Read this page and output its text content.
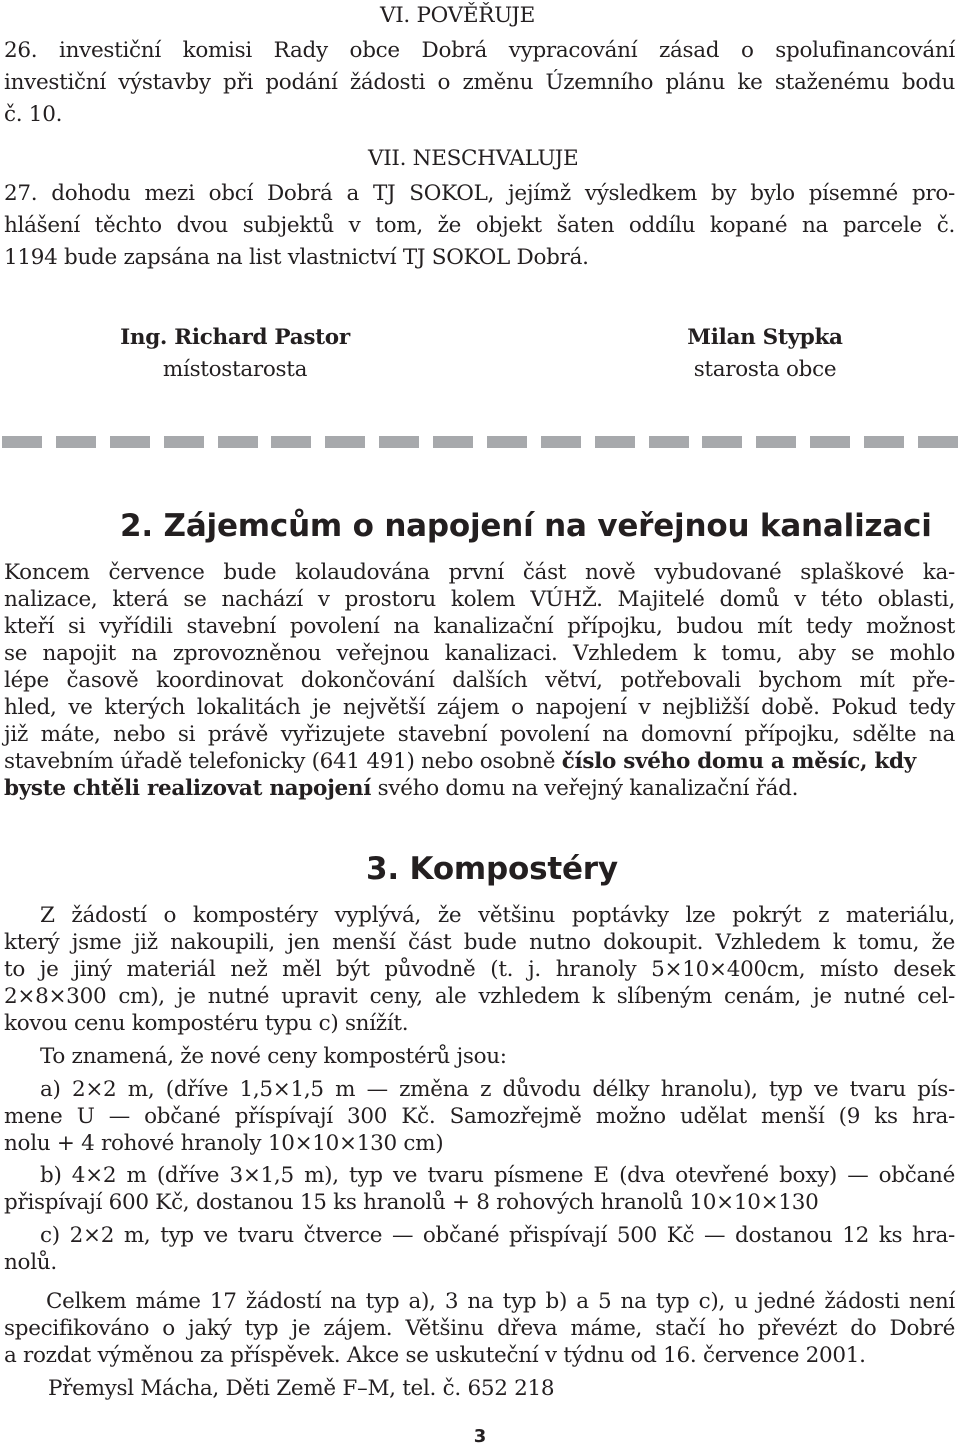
VI. POVĚŘUJE
26. investiční komisi Rady obce Dobrá vypracování zásad o spolufinancování
investiční výstavby při podání žádosti o změnu Územního plánu ke staženému bodu
č. 10.
VII. NESCHVALUJE
27. dohodu mezi obcí Dobrá a TJ SOKOL, jejímž výsledkem by bylo písemné pro-
hlášení těchto dvou subjektů v tom, že objekt šaten oddílu kopané na parcele č.
1194 bude zapsána na list vlastnictví TJ SOKOL Dobrá.
Ing. Richard Pastor
místostarosta
Milan Stypka
starosta obce
2. Zájemcům o napojení na veřejnou kanalizaci
Koncem července bude kolaudována první část nově vybudované splaškové ka-
nalizace, která se nachází v prostoru kolem VÚHŽ. Majitelé domů v této oblasti,
kteří si vyřídili stavební povolení na kanalizační přípojku, budou mít tedy možnost
se napojit na zprovozněnou veřejnou kanalizaci. Vzhledem k tomu, aby se mohlo
lépe časově koordinovat dokončování dalších větví, potřebovali bychom mít pře-
hled, ve kterých lokalitách je největší zájem o napojení v nejbližší době. Pokud tedy
již máte, nebo si právě vyřizujete stavební povolení na domovní přípojku, sdělte na
stavebním úřadě telefonicky (641 491) nebo osobně číslo svého domu a měsíc, kdy
byste chtěli realizovat napojení svého domu na veřejný kanalizační řád.
3. Kompostéry
Z žádostí o kompostéry vyplývá, že většinu poptávky lze pokrýt z materiálu,
který jsme již nakoupili, jen menší část bude nutno dokoupit. Vzhledem k tomu, že
to je jiný materiál než měl být původně (t. j. hranoly 5×10×400cm, místo desek
2×8×300 cm), je nutné upravit ceny, ale vzhledem k slíbeným cenám, je nutné cel-
kovou cenu kompostéru typu c) snížít.
To znamená, že nové ceny kompostérů jsou:
a) 2×2 m, (dříve 1,5×1,5 m — změna z důvodu délky hranolu), typ ve tvaru pís-
mene U — občané příspívají 300 Kč. Samozřejmě možno udělat menší (9 ks hra-
nolu + 4 rohové hranoly 10×10×130 cm)
b) 4×2 m (dříve 3×1,5 m), typ ve tvaru písmene E (dva otevřené boxy) — občané
přispívají 600 Kč, dostanou 15 ks hranolů + 8 rohových hranolů 10×10×130
c) 2×2 m, typ ve tvaru čtverce — občané přispívají 500 Kč — dostanou 12 ks hra-
nolů.
Celkem máme 17 žádostí na typ a), 3 na typ b) a 5 na typ c), u jedné žádosti není
specifikováno o jaký typ je zájem. Většinu dřeva máme, stačí ho převézt do Dobré
a rozdat výměnou za příspěvek. Akce se uskuteční v týdnu od 16. července 2001.
Přemysl Mácha, Děti Země F–M, tel. č. 652 218
3
